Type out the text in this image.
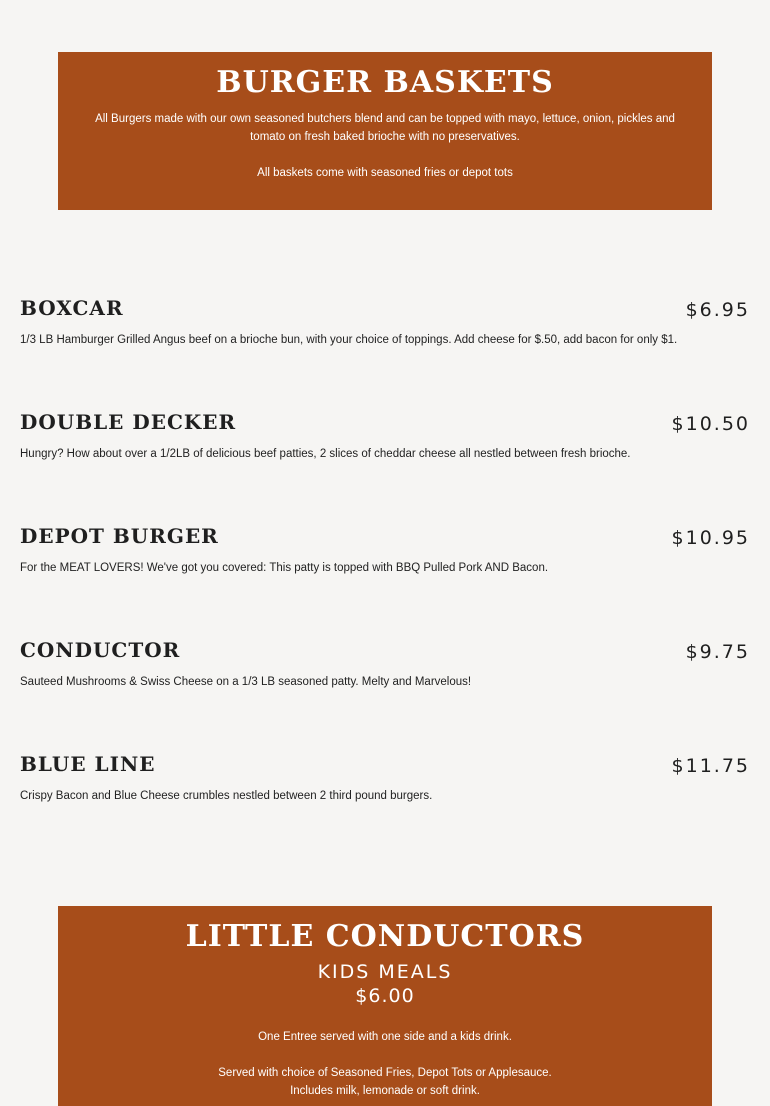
BURGER BASKETS

All Burgers made with our own seasoned butchers blend and can be topped with mayo, lettuce, onion, pickles and tomato on fresh baked brioche with no preservatives.

All baskets come with seasoned fries or depot tots

BOXCAR	$6.95
1/3 LB Hamburger Grilled Angus beef on a brioche bun, with your choice of toppings. Add cheese for $.50, add bacon for only $1.
DOUBLE DECKER	$10.50
Hungry? How about over a 1/2LB of delicious beef patties, 2 slices of cheddar cheese all nestled between fresh brioche.
DEPOT BURGER	$10.95
For the MEAT LOVERS! We've got you covered: This patty is topped with BBQ Pulled Pork AND Bacon.
CONDUCTOR	$9.75
Sauteed Mushrooms & Swiss Cheese on a 1/3 LB seasoned patty. Melty and Marvelous!
BLUE LINE	$11.75
Crispy Bacon and Blue Cheese crumbles nestled between 2 third pound burgers.
LITTLE CONDUCTORS
KIDS MEALS
$6.00

One Entree served with one side and a kids drink.

Served with choice of Seasoned Fries, Depot Tots or Applesauce.

Includes milk, lemonade or soft drink.
